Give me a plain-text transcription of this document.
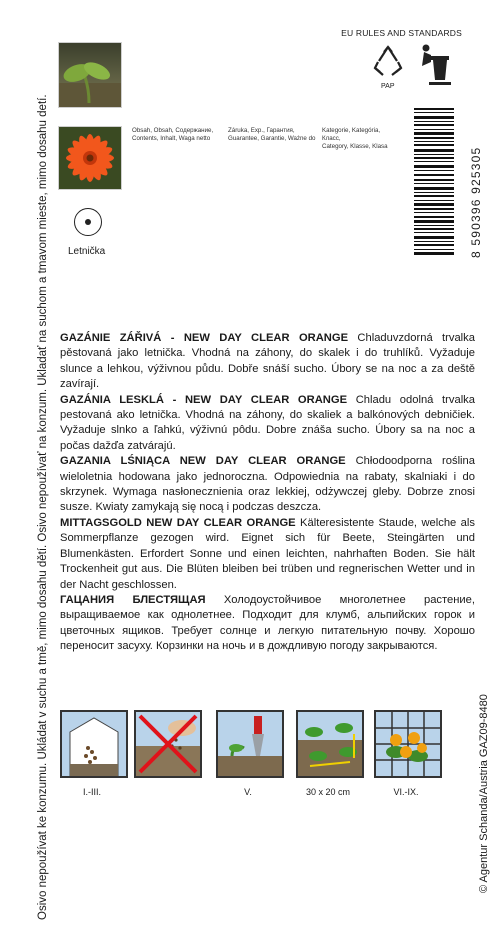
Osivo nepoužívat ke konzumu. Ukládat v suchu a tmě, mimo dosahu dětí. Osivo nepoužívať na konzum. Ukladať na suchom a tmavom mieste, mimo dosahu detí.	© Agentur Schanda/Austria GAZ09-8480
Letnička
Obsah, Obsah, Содержание,
Contents, Inhalt, Waga netto
Záruka, Exp., Гарантия,
Guarantee, Garantie, Ważne do
Kategorie, Kategória, Класс,
Category, Klasse, Klasa
EU RULES AND STANDARDS
PAP
8 590396 925305

GAZÁNIE ZÁŘIVÁ - NEW DAY CLEAR ORANGE Chladuvzdorná trvalka pěstovaná jako letnička. Vhodná na záhony, do skalek i do truhlíků. Vyžaduje slunce a lehkou, výživnou půdu. Dobře snáší sucho. Úbory se na noc a za deště zavírají.

GAZÁNIA LESKLÁ - NEW DAY CLEAR ORANGE Chladu odolná trvalka pestovaná ako letnička. Vhodná na záhony, do skaliek a balkónových debničiek. Vyžaduje slnko a ľahkú, výživnú pôdu. Dobre znáša sucho. Úbory sa na noc a počas dažďa zatvárajú.

GAZANIA LŚNIĄCA NEW DAY CLEAR ORANGE Chłodoodporna roślina wieloletnia hodowana jako jednoroczna. Odpowiednia na rabaty, skalniaki i do skrzynek. Wymaga nasłonecznienia oraz lekkiej, odżywczej gleby. Dobrze znosi susze. Kwiaty zamykają się nocą i podczas deszcza.

MITTAGSGOLD NEW DAY CLEAR ORANGE Kälteresistente Staude, welche als Sommerpflanze gezogen wird. Eignet sich für Beete, Steingärten und Blumenkästen. Erfordert Sonne und einen leichten, nahrhaften Boden. Sie hält Trockenheit gut aus. Die Blüten bleiben bei trüben und regnerischen Wetter und in der Nacht geschlossen.

ГАЦАНИЯ БЛЕСТЯЩАЯ Холодоустойчивое многолетнее растение, выращиваемое как однолетнее. Подходит для клумб, альпийских горок и цветочных ящиков. Требует солнце и легкую питательную почву. Хорошо переносит засуху. Корзинки на ночь и в дождливую погоду закрываются.

I.-III.	V.	30 x 20 cm	VI.-IX.
